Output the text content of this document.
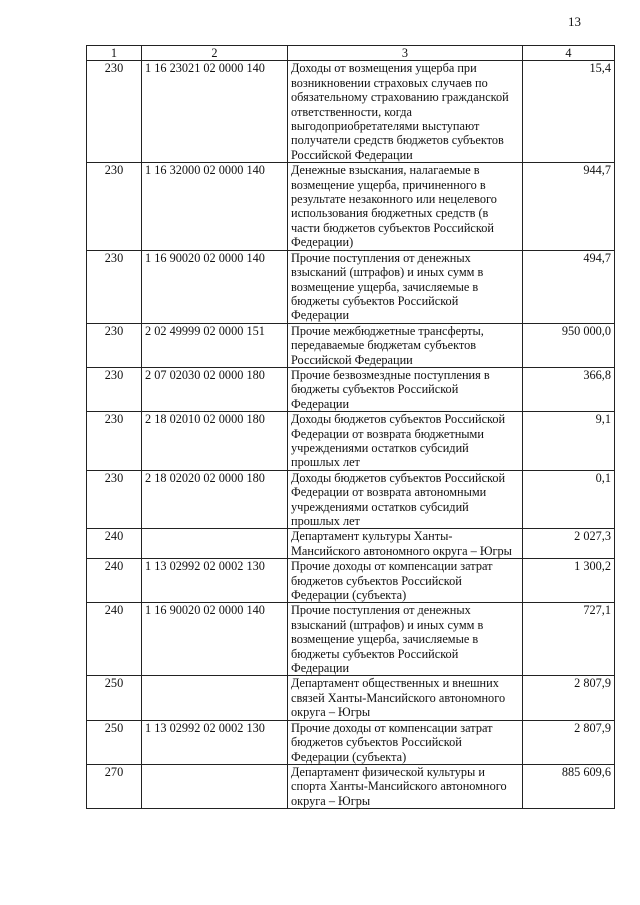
13
1	2	3	4
230	1 16 23021 02 0000 140	Доходы от возмещения ущерба при возникновении страховых случаев по обязательному страхованию гражданской ответственности, когда выгодоприобретателями выступают получатели средств бюджетов субъектов Российской Федерации	15,4
230	1 16 32000 02 0000 140	Денежные взыскания, налагаемые в возмещение ущерба, причиненного в результате незаконного или нецелевого использования бюджетных средств (в части бюджетов субъектов Российской Федерации)	944,7
230	1 16 90020 02 0000 140	Прочие поступления от денежных взысканий (штрафов) и иных сумм в возмещение ущерба, зачисляемые в бюджеты субъектов Российской Федерации	494,7
230	2 02 49999 02 0000 151	Прочие межбюджетные трансферты, передаваемые бюджетам субъектов Российской Федерации	950 000,0
230	2 07 02030 02 0000 180	Прочие безвозмездные поступления в бюджеты субъектов Российской Федерации	366,8
230	2 18 02010 02 0000 180	Доходы бюджетов субъектов Российской Федерации от возврата бюджетными учреждениями остатков субсидий прошлых лет	9,1
230	2 18 02020 02 0000 180	Доходы бюджетов субъектов Российской Федерации от возврата автономными учреждениями остатков субсидий прошлых лет	0,1
240		Департамент культуры Ханты-Мансийского автономного округа – Югры	2 027,3
240	1 13 02992 02 0002 130	Прочие доходы от компенсации затрат бюджетов субъектов Российской Федерации (субъекта)	1 300,2
240	1 16 90020 02 0000 140	Прочие поступления от денежных взысканий (штрафов) и иных сумм в возмещение ущерба, зачисляемые в бюджеты субъектов Российской Федерации	727,1
250		Департамент общественных и внешних связей Ханты-Мансийского автономного округа – Югры	2 807,9
250	1 13 02992 02 0002 130	Прочие доходы от компенсации затрат бюджетов субъектов Российской Федерации (субъекта)	2 807,9
270		Департамент физической культуры и спорта Ханты-Мансийского автономного округа – Югры	885 609,6
